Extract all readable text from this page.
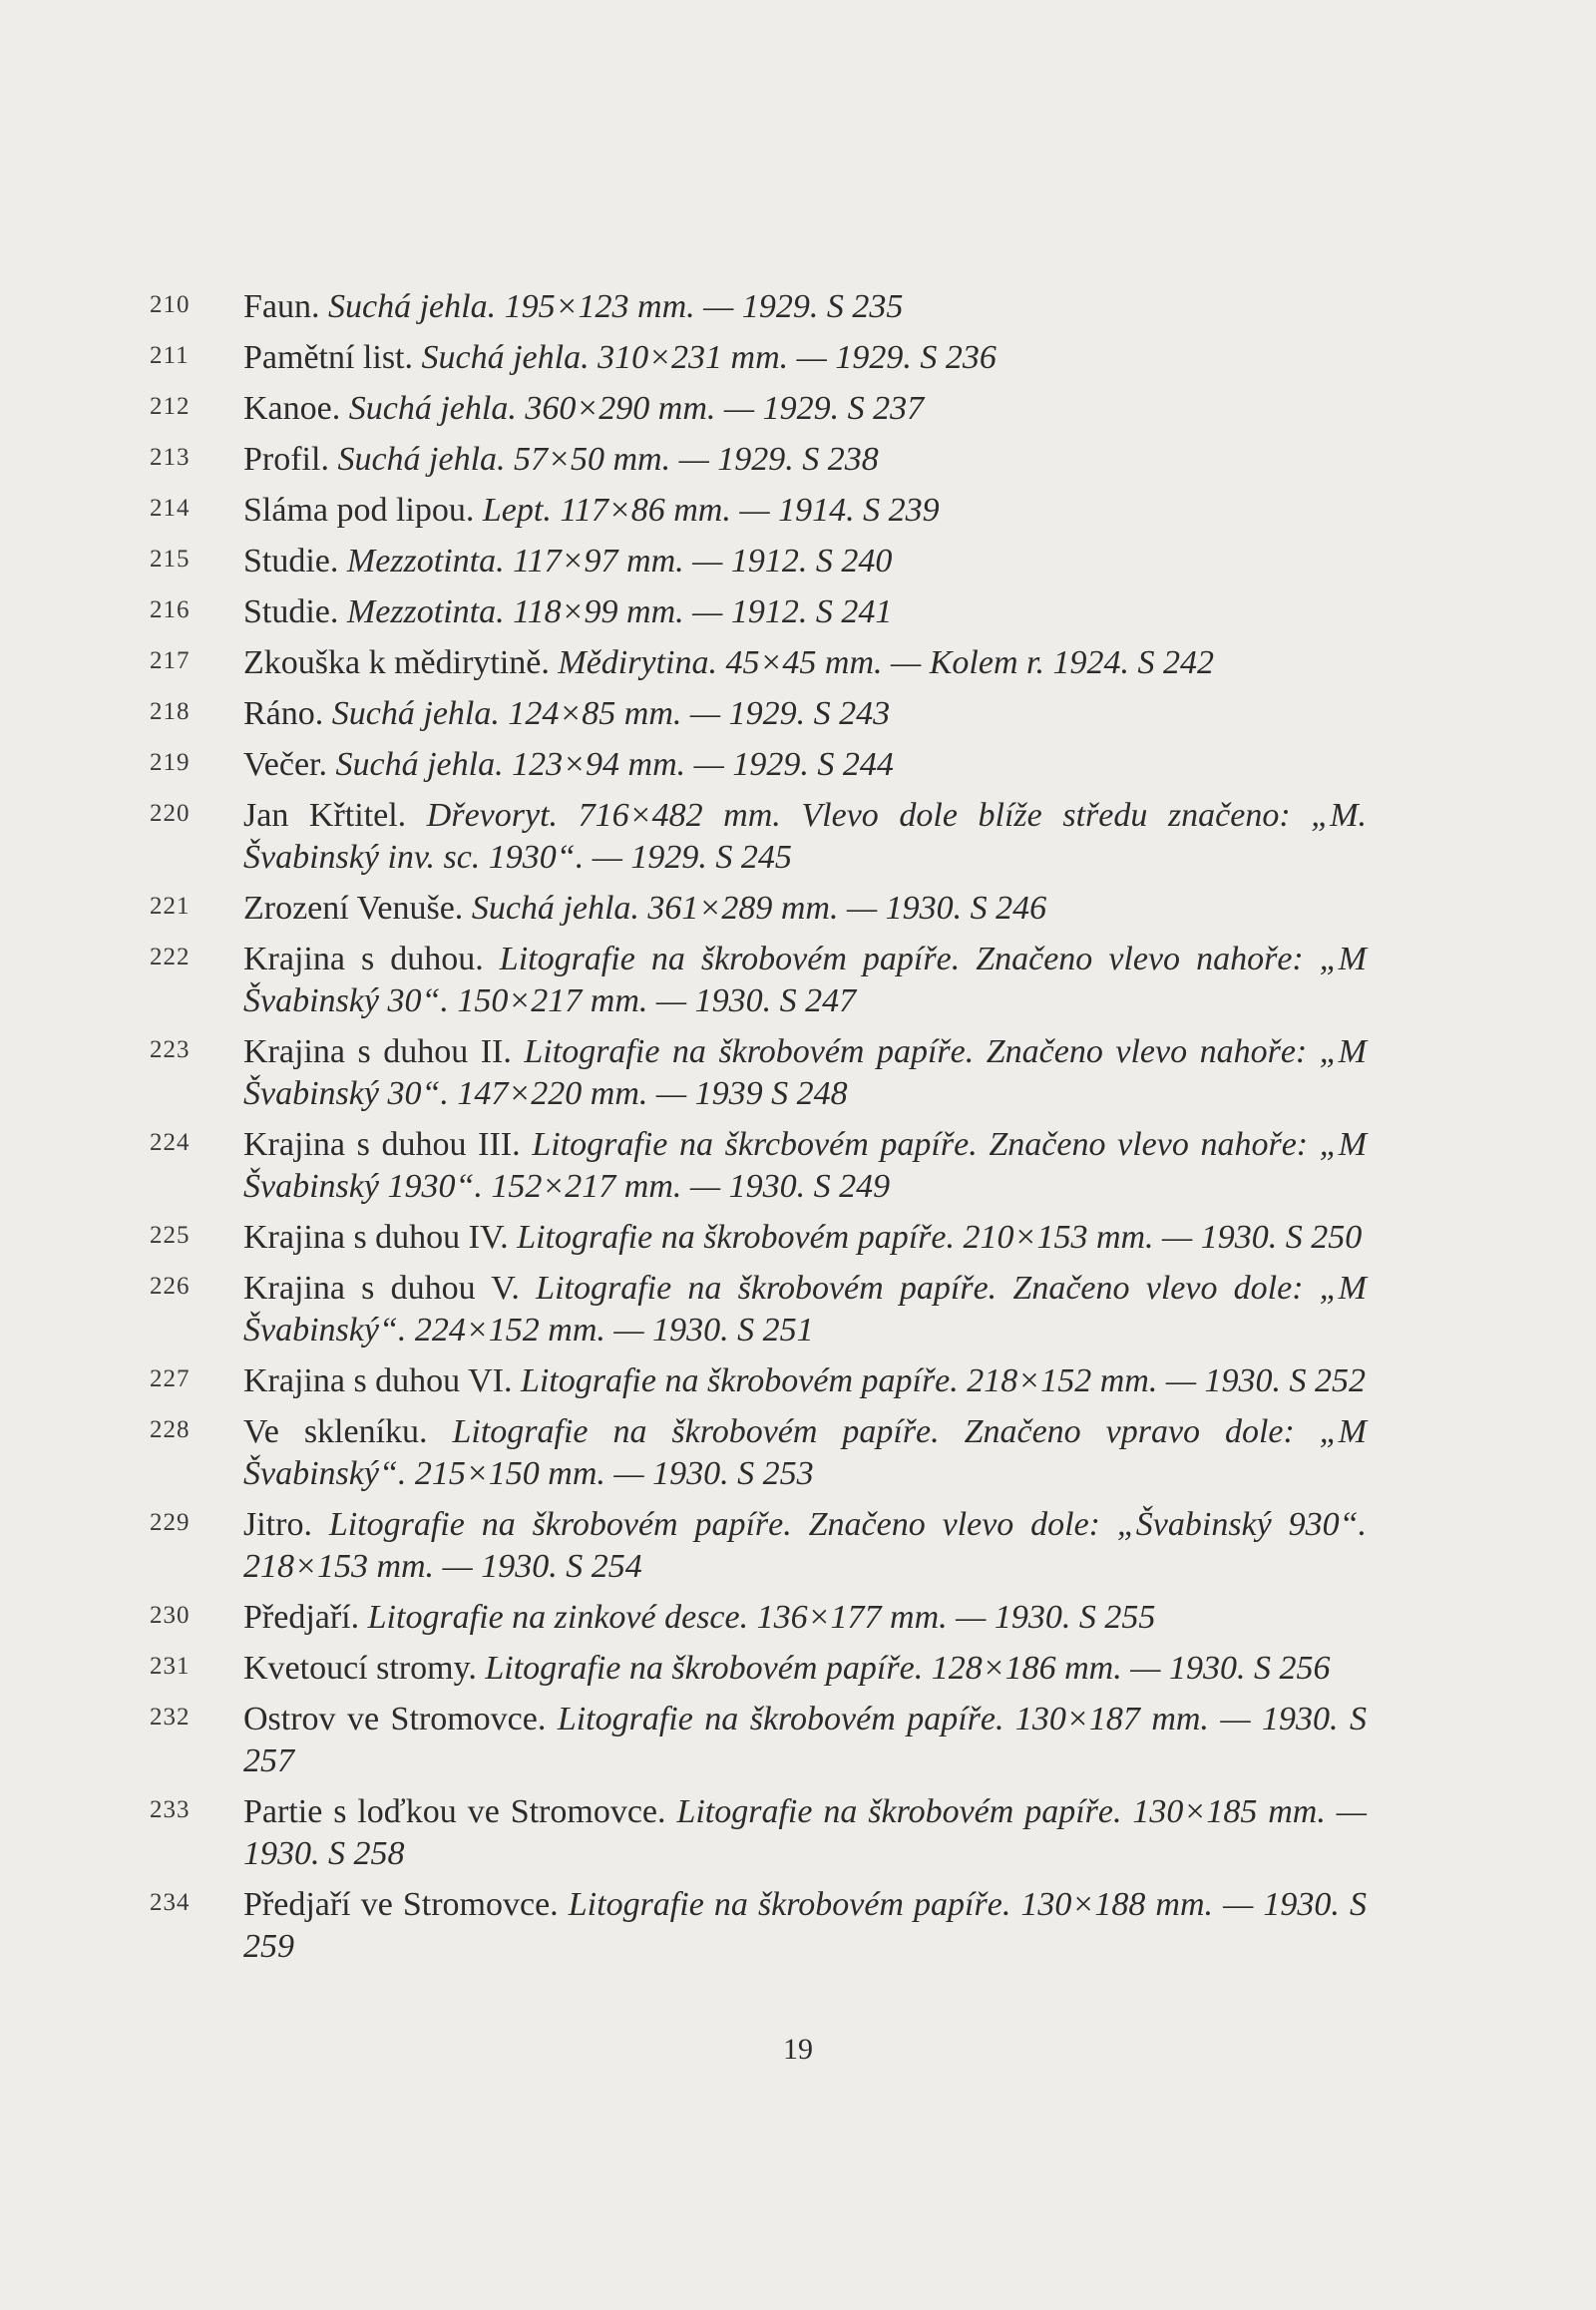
210	Faun. Suchá jehla. 195×123 mm. — 1929. S 235
211	Pamětní list. Suchá jehla. 310×231 mm. — 1929. S 236
212	Kanoe. Suchá jehla. 360×290 mm. — 1929. S 237
213	Profil. Suchá jehla. 57×50 mm. — 1929. S 238
214	Sláma pod lipou. Lept. 117×86 mm. — 1914. S 239
215	Studie. Mezzotinta. 117×97 mm. — 1912. S 240
216	Studie. Mezzotinta. 118×99 mm. — 1912. S 241
217	Zkouška k mědirytině. Mědirytina. 45×45 mm. — Kolem r. 1924. S 242
218	Ráno. Suchá jehla. 124×85 mm. — 1929. S 243
219	Večer. Suchá jehla. 123×94 mm. — 1929. S 244
220	Jan Křtitel. Dřevoryt. 716×482 mm. Vlevo dole blíže středu značeno: „M. Švabinský inv. sc. 1930“. — 1929. S 245
221	Zrození Venuše. Suchá jehla. 361×289 mm. — 1930. S 246
222	Krajina s duhou. Litografie na škrobovém papíře. Značeno vlevo nahoře: „M Švabinský 30“. 150×217 mm. — 1930. S 247
223	Krajina s duhou II. Litografie na škrobovém papíře. Značeno vlevo nahoře: „M Švabinský 30“. 147×220 mm. — 1939 S 248
224	Krajina s duhou III. Litografie na škrcbovém papíře. Značeno vlevo nahoře: „M Švabinský 1930“. 152×217 mm. — 1930. S 249
225	Krajina s duhou IV. Litografie na škrobovém papíře. 210×153 mm. — 1930. S 250
226	Krajina s duhou V. Litografie na škrobovém papíře. Značeno vlevo dole: „M Švabinský“. 224×152 mm. — 1930. S 251
227	Krajina s duhou VI. Litografie na škrobovém papíře. 218×152 mm. — 1930. S 252
228	Ve skleníku. Litografie na škrobovém papíře. Značeno vpravo dole: „M Švabinský“. 215×150 mm. — 1930. S 253
229	Jitro. Litografie na škrobovém papíře. Značeno vlevo dole: „Švabinský 930“. 218×153 mm. — 1930. S 254
230	Předjaří. Litografie na zinkové desce. 136×177 mm. — 1930. S 255
231	Kvetoucí stromy. Litografie na škrobovém papíře. 128×186 mm. — 1930. S 256
232	Ostrov ve Stromovce. Litografie na škrobovém papíře. 130×187 mm. — 1930. S 257
233	Partie s loďkou ve Stromovce. Litografie na škrobovém papíře. 130×185 mm. — 1930. S 258
234	Předjaří ve Stromovce. Litografie na škrobovém papíře. 130×188 mm. — 1930. S 259
19
